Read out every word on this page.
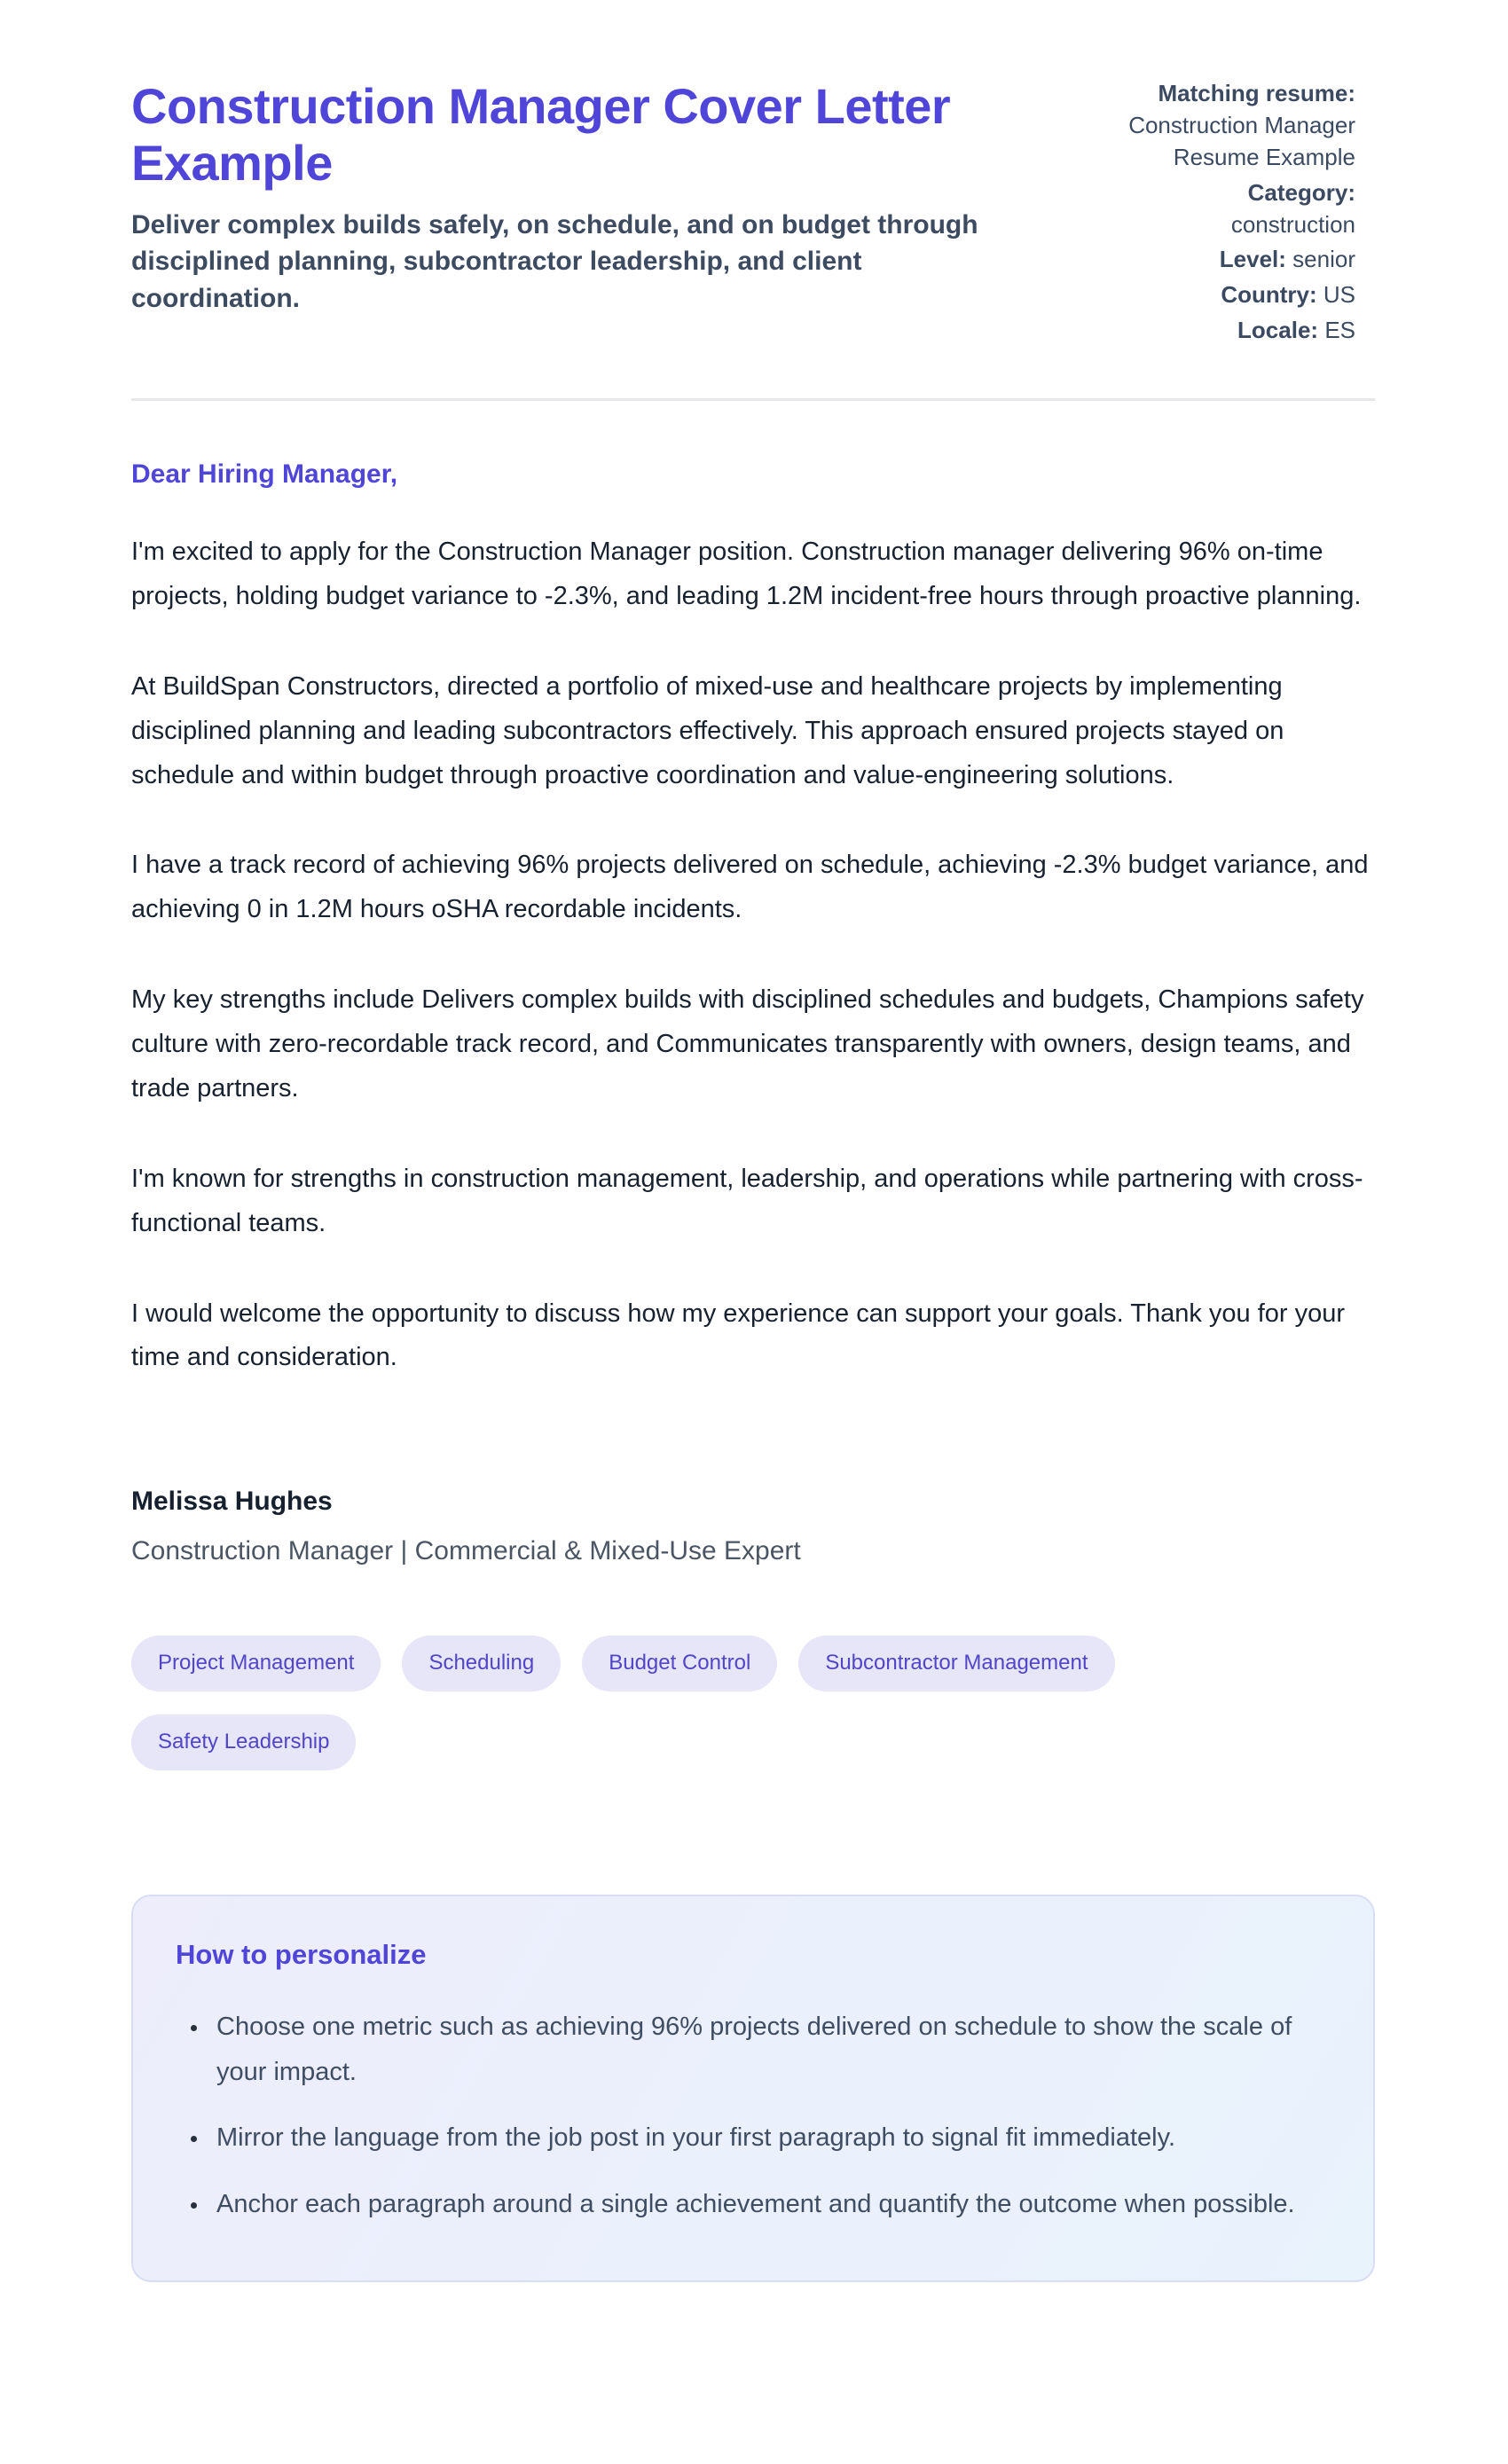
Construction Manager Cover Letter Example

Deliver complex builds safely, on schedule, and on budget through disciplined planning, subcontractor leadership, and client coordination.

Matching resume:
Construction Manager Resume Example
Category:
construction
Level: senior
Country: US
Locale: ES

Dear Hiring Manager,

I'm excited to apply for the Construction Manager position. Construction manager delivering 96% on-time projects, holding budget variance to -2.3%, and leading 1.2M incident-free hours through proactive planning.

At BuildSpan Constructors, directed a portfolio of mixed-use and healthcare projects by implementing disciplined planning and leading subcontractors effectively. This approach ensured projects stayed on schedule and within budget through proactive coordination and value-engineering solutions.

I have a track record of achieving 96% projects delivered on schedule, achieving -2.3% budget variance, and achieving 0 in 1.2M hours oSHA recordable incidents.

My key strengths include Delivers complex builds with disciplined schedules and budgets, Champions safety culture with zero-recordable track record, and Communicates transparently with owners, design teams, and trade partners.

I'm known for strengths in construction management, leadership, and operations while partnering with cross-functional teams.

I would welcome the opportunity to discuss how my experience can support your goals. Thank you for your time and consideration.

Melissa Hughes

Construction Manager | Commercial & Mixed-Use Expert

Project Management	Scheduling	Budget Control	Subcontractor Management
Safety Leadership
How to personalize
• Choose one metric such as achieving 96% projects delivered on schedule to show the scale of your impact.
• Mirror the language from the job post in your first paragraph to signal fit immediately.
• Anchor each paragraph around a single achievement and quantify the outcome when possible.
